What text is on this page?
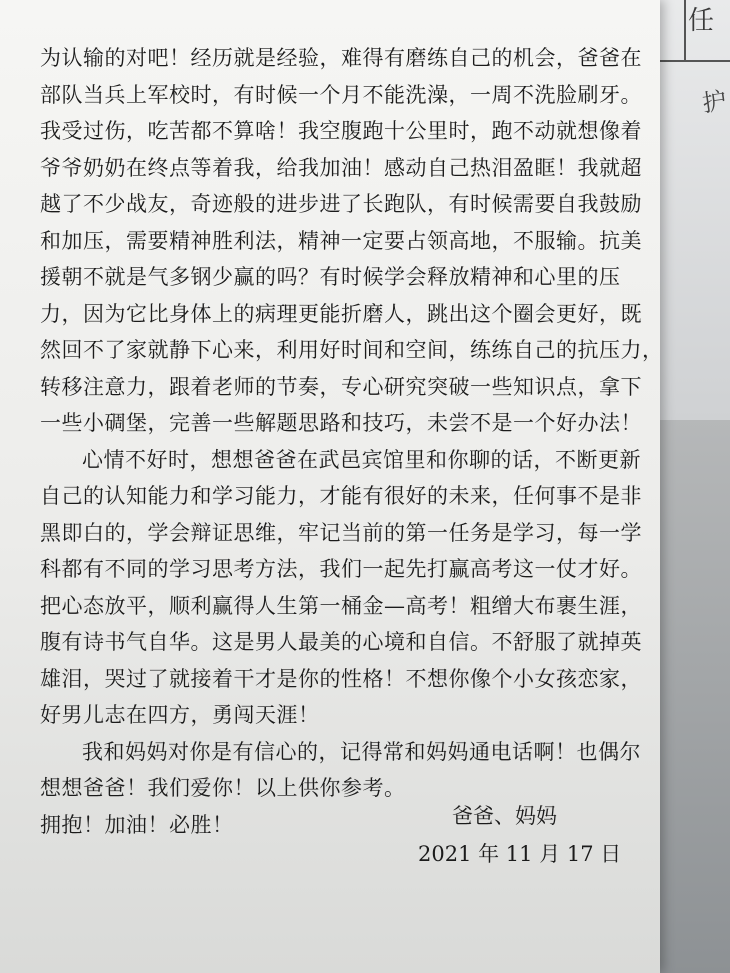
任
护
为认输的对吧！经历就是经验，难得有磨练自己的机会，爸爸在
部队当兵上军校时，有时候一个月不能洗澡，一周不洗脸刷牙。
我受过伤，吃苦都不算啥！我空腹跑十公里时，跑不动就想像着
爷爷奶奶在终点等着我，给我加油！感动自己热泪盈眶！我就超
越了不少战友，奇迹般的进步进了长跑队，有时候需要自我鼓励
和加压，需要精神胜利法，精神一定要占领高地，不服输。抗美
援朝不就是气多钢少赢的吗？有时候学会释放精神和心里的压
力，因为它比身体上的病理更能折磨人，跳出这个圈会更好，既
然回不了家就静下心来，利用好时间和空间，练练自己的抗压力，
转移注意力，跟着老师的节奏，专心研究突破一些知识点，拿下
一些小碉堡，完善一些解题思路和技巧，未尝不是一个好办法！
心情不好时，想想爸爸在武邑宾馆里和你聊的话，不断更新
自己的认知能力和学习能力，才能有很好的未来，任何事不是非
黑即白的，学会辩证思维，牢记当前的第一任务是学习，每一学
科都有不同的学习思考方法，我们一起先打赢高考这一仗才好。
把心态放平，顺利赢得人生第一桶金—高考！粗缯大布裹生涯，
腹有诗书气自华。这是男人最美的心境和自信。不舒服了就掉英
雄泪，哭过了就接着干才是你的性格！不想你像个小女孩恋家，
好男儿志在四方，勇闯天涯！
我和妈妈对你是有信心的，记得常和妈妈通电话啊！也偶尔
想想爸爸！我们爱你！以上供你参考。
拥抱！加油！必胜！	爸爸、妈妈
2021 年 11 月 17 日
